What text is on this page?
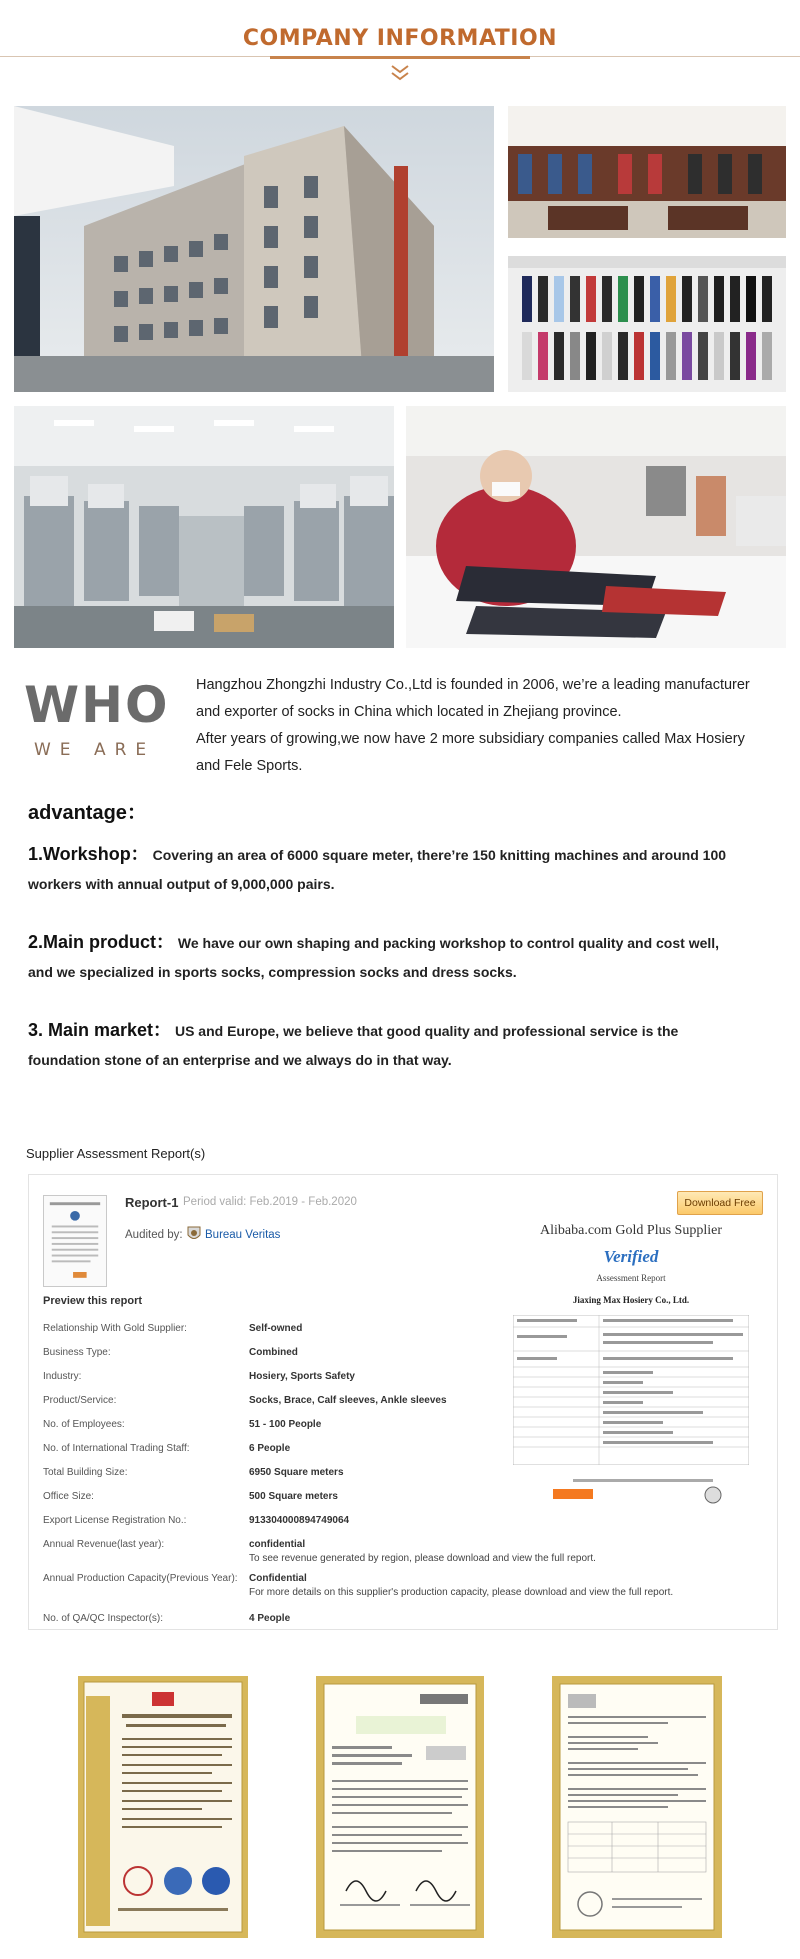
COMPANY INFORMATION
WHO
WE ARE
Hangzhou Zhongzhi Industry Co.,Ltd is founded in 2006, we’re a leading manufacturer
and exporter of socks in China which located in Zhejiang province.
After years of growing,we now have 2 more subsidiary companies called Max Hosiery
and Fele Sports.
advantage：
1.Workshop： Covering an area of 6000 square meter, there’re 150 knitting machines and around 100
workers with annual output of 9,000,000 pairs.
2.Main product： We have our own shaping and packing workshop to control quality and cost well,
and we specialized in sports socks, compression socks and dress socks.
3. Main market： US and Europe, we believe that good quality and professional service is the
foundation stone of an enterprise and we always do in that way.
Supplier Assessment Report(s)
Report-1 Period valid: Feb.2019 - Feb.2020
Audited by: Bureau Veritas
Download Free
Preview this report
Relationship With Gold Supplier:	Self-owned
Business Type:	Combined
Industry:	Hosiery, Sports Safety
Product/Service:	Socks, Brace, Calf sleeves, Ankle sleeves
No. of Employees:	51 - 100 People
No. of International Trading Staff:	6 People
Total Building Size:	6950 Square meters
Office Size:	500 Square meters
Export License Registration No.:	913304000894749064
Annual Revenue(last year):	confidential
To see revenue generated by region, please download and view the full report.
Annual Production Capacity(Previous Year): Confidential
For more details on this supplier's production capacity, please download and view the full report.
No. of QA/QC Inspector(s):	4 People
Alibaba.com Gold Plus Supplier
Verified
Assessment Report
Jiaxing Max Hosiery Co., Ltd.
